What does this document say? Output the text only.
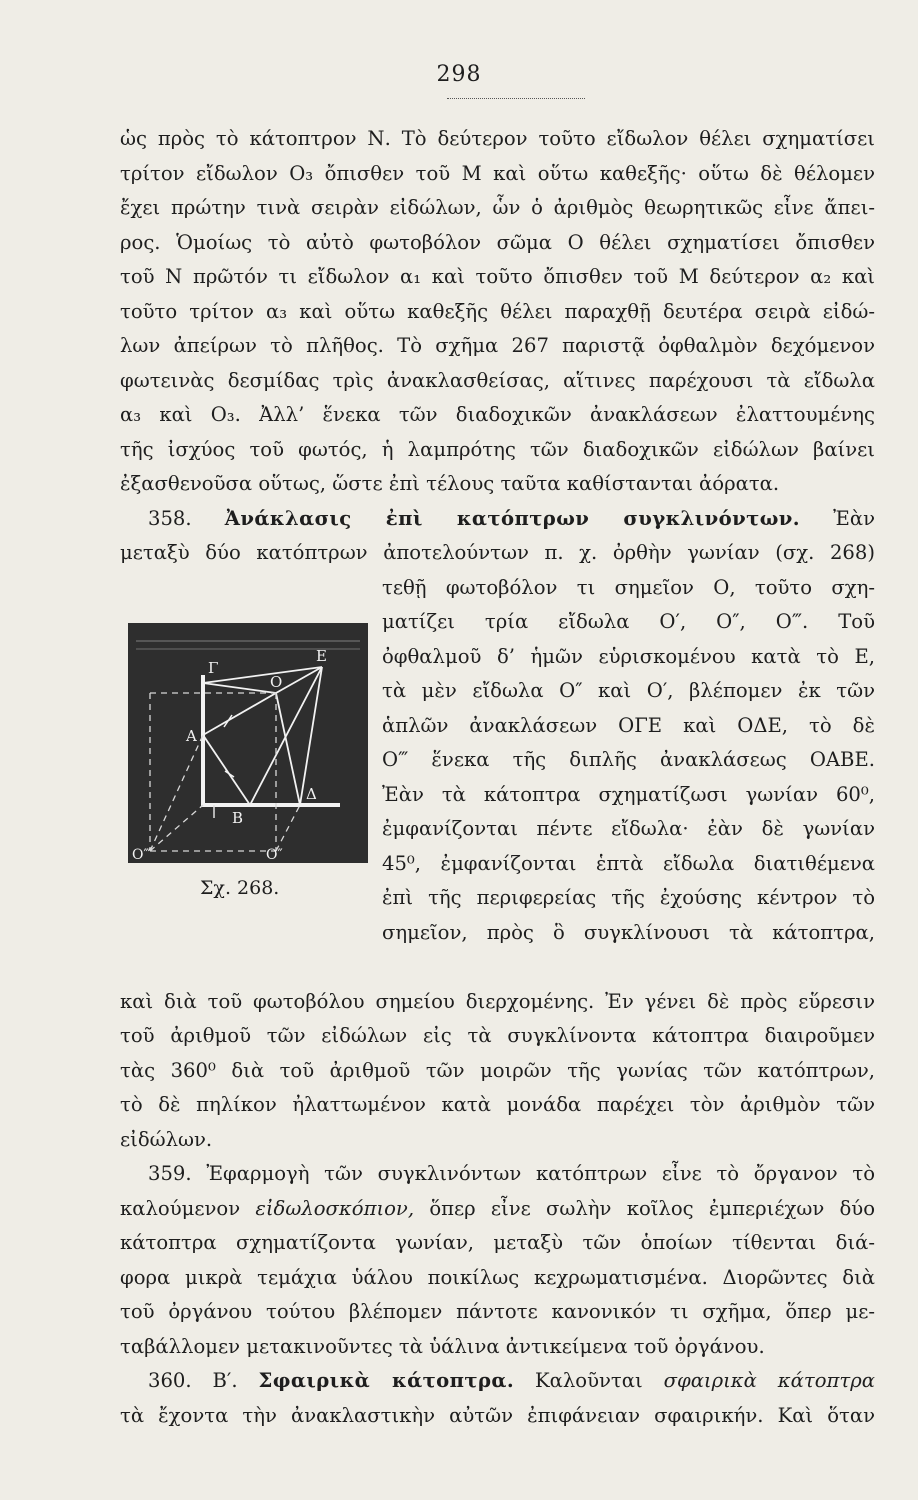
298
ὡς πρὸς τὸ κάτοπτρον Ν. Τὸ δεύτερον τοῦτο εἴδωλον θέλει σχηματίσει
τρίτον εἴδωλον O₃ ὄπισθεν τοῦ Μ καὶ οὕτω καθεξῆς· οὕτω δὲ θέλομεν
ἔχει πρώτην τινὰ σειρὰν εἰδώλων, ὧν ὁ ἀριθμὸς θεωρητικῶς εἶνε ἄπει-
ρος. Ὁμοίως τὸ αὐτὸ φωτοβόλον σῶμα Ο θέλει σχηματίσει ὄπισθεν
τοῦ Ν πρῶτόν τι εἴδωλον α₁ καὶ τοῦτο ὄπισθεν τοῦ Μ δεύτερον α₂ καὶ
τοῦτο τρίτον α₃ καὶ οὕτω καθεξῆς θέλει παραχθῇ δευτέρα σειρὰ εἰδώ-
λων ἀπείρων τὸ πλῆθος. Τὸ σχῆμα 267 παριστᾷ ὀφθαλμὸν δεχόμενον
φωτεινὰς δεσμίδας τρὶς ἀνακλασθείσας, αἵτινες παρέχουσι τὰ εἴδωλα
α₃ καὶ O₃. Ἀλλ’ ἕνεκα τῶν διαδοχικῶν ἀνακλάσεων ἐλαττουμένης
τῆς ἰσχύος τοῦ φωτός, ἡ λαμπρότης τῶν διαδοχικῶν εἰδώλων βαίνει
ἐξασθενοῦσα οὕτως, ὥστε ἐπὶ τέλους ταῦτα καθίστανται ἀόρατα.
358. Ἀνάκλασις ἐπὶ κατόπτρων συγκλινόντων. Ἐὰν
μεταξὺ δύο κατόπτρων ἀποτελούντων π. χ. ὀρθὴν γωνίαν (σχ. 268)
Γ
Ε
Ο
Α
Β
Δ
Ο‴	Ο″
Σχ. 268.
τεθῇ φωτοβόλον τι σημεῖον Ο, τοῦτο σχη-
ματίζει τρία εἴδωλα Ο′, Ο″, Ο‴. Τοῦ
ὀφθαλμοῦ δ’ ἡμῶν εὑρισκομένου κατὰ τὸ Ε,
τὰ μὲν εἴδωλα Ο″ καὶ Ο′, βλέπομεν ἐκ τῶν
ἁπλῶν ἀνακλάσεων ΟΓΕ καὶ ΟΔΕ, τὸ δὲ
Ο‴ ἕνεκα τῆς διπλῆς ἀνακλάσεως ΟΑΒΕ.
Ἐὰν τὰ κάτοπτρα σχηματίζωσι γωνίαν 60⁰,
ἐμφανίζονται πέντε εἴδωλα· ἐὰν δὲ γωνίαν
45⁰, ἐμφανίζονται ἑπτὰ εἴδωλα διατιθέμενα
ἐπὶ τῆς περιφερείας τῆς ἐχούσης κέντρον τὸ
σημεῖον, πρὸς ὃ συγκλίνουσι τὰ κάτοπτρα,
καὶ διὰ τοῦ φωτοβόλου σημείου διερχομένης. Ἐν γένει δὲ πρὸς εὕρεσιν
τοῦ ἀριθμοῦ τῶν εἰδώλων εἰς τὰ συγκλίνοντα κάτοπτρα διαιροῦμεν
τὰς 360⁰ διὰ τοῦ ἀριθμοῦ τῶν μοιρῶν τῆς γωνίας τῶν κατόπτρων,
τὸ δὲ πηλίκον ἠλαττωμένον κατὰ μονάδα παρέχει τὸν ἀριθμὸν τῶν
εἰδώλων.
359. Ἐφαρμογὴ τῶν συγκλινόντων κατόπτρων εἶνε τὸ ὄργανον τὸ
καλούμενον εἰδωλοσκόπιον, ὅπερ εἶνε σωλὴν κοῖλος ἐμπεριέχων δύο
κάτοπτρα σχηματίζοντα γωνίαν, μεταξὺ τῶν ὁποίων τίθενται διά-
φορα μικρὰ τεμάχια ὑάλου ποικίλως κεχρωματισμένα. Διορῶντες διὰ
τοῦ ὀργάνου τούτου βλέπομεν πάντοτε κανονικόν τι σχῆμα, ὅπερ με-
ταβάλλομεν μετακινοῦντες τὰ ὑάλινα ἀντικείμενα τοῦ ὀργάνου.
360. Β′. Σφαιρικὰ κάτοπτρα. Καλοῦνται σφαιρικὰ κάτοπτρα
τὰ ἔχοντα τὴν ἀνακλαστικὴν αὐτῶν ἐπιφάνειαν σφαιρικήν. Καὶ ὅταν
